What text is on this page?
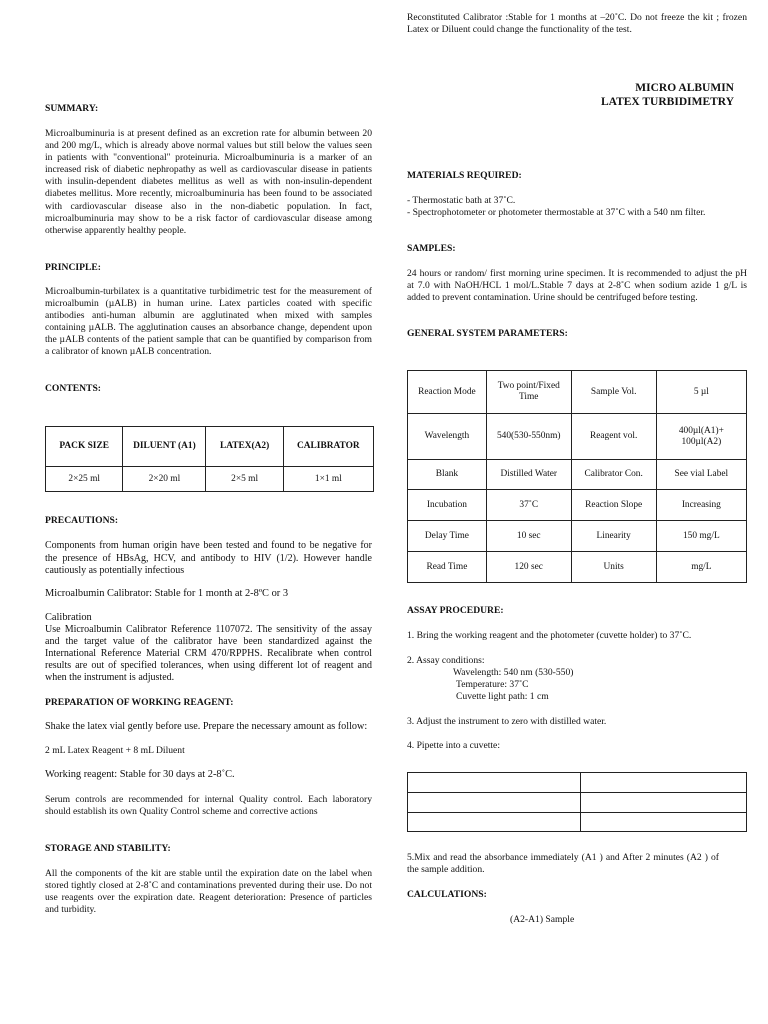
Reconstituted Calibrator :Stable for 1 months at –20˚C. Do not freeze the kit ; frozen Latex or Diluent could change the functionality of the test.

MICRO ALBUMIN
LATEX TURBIDIMETRY

SUMMARY:

Microalbuminuria is at present defined as an excretion rate for albumin between 20 and 200 mg/L, which is already above normal values but still below the values seen in patients with "conventional" proteinuria. Microalbuminuria is a marker of an increased risk of diabetic nephropathy as well as cardiovascular disease in patients with insulin-dependent diabetes mellitus as well as with non-insulin-dependent diabetes mellitus. More recently, microalbuminuria has been found to be associated with cardiovascular disease also in the non-diabetic population. In fact, microalbuminuria may show to be a risk factor of cardiovascular disease among otherwise apparently healthy people.

PRINCIPLE:

Microalbumin-turbilatex is a quantitative turbidimetric test for the measurement of microalbumin (µALB) in human urine. Latex particles coated with specific antibodies anti-human albumin are agglutinated when mixed with samples containing µALB. The agglutination causes an absorbance change, dependent upon the µALB contents of the patient sample that can be quantified by comparison from a calibrator of known µALB concentration.

CONTENTS:

PACK SIZE	DILUENT (A1)	LATEX(A2)	CALIBRATOR
2×25 ml	2×20 ml	2×5 ml	1×1 ml

PRECAUTIONS:

Components from human origin have been tested and found to be negative for the presence of HBsAg, HCV, and antibody to HIV (1/2). However handle cautiously as potentially infectious

Microalbumin Calibrator: Stable for 1 month at 2-8ºC or 3

Calibration

Use Microalbumin Calibrator Reference 1107072. The sensitivity of the assay and the target value of the calibrator have been standardized against the International Reference Material CRM 470/RPPHS. Recalibrate when control results are out of specified tolerances, when using different lot of reagent and when the instrument is adjusted.

PREPARATION OF WORKING REAGENT:

Shake the latex vial gently before use. Prepare the necessary amount as follow:

2 mL Latex Reagent + 8 mL Diluent

Working reagent: Stable for 30 days at 2-8˚C.

Serum controls are recommended for internal Quality control. Each laboratory should establish its own Quality Control scheme and corrective actions

STORAGE AND STABILITY:

All the components of the kit are stable until the expiration date on the label when stored tightly closed at 2-8˚C and contaminations prevented during their use. Do not use reagents over the expiration date. Reagent deterioration: Presence of particles and turbidity.

MATERIALS REQUIRED:

- Thermostatic bath at 37˚C.

- Spectrophotometer or photometer thermostable at 37˚C with a 540 nm filter.

SAMPLES:

24 hours or random/ first morning urine specimen. It is recommended to adjust the pH at 7.0 with NaOH/HCL 1 mol/L.Stable 7 days at 2-8˚C when sodium azide 1 g/L is added to prevent contamination. Urine should be centrifuged before testing.

GENERAL SYSTEM PARAMETERS:

Reaction Mode	Two point/Fixed Time	Sample Vol.	5 µl
Wavelength	540(530-550nm)	Reagent vol.	400µl(A1)+ 100µl(A2)
Blank	Distilled Water	Calibrator Con.	See vial Label
Incubation	37˚C	Reaction Slope	Increasing
Delay Time	10 sec	Linearity	150 mg/L
Read Time	120 sec	Units	mg/L

ASSAY PROCEDURE:

1. Bring the working reagent and the photometer (cuvette holder) to 37˚C.

2. Assay conditions:

Wavelength: 540 nm (530-550)
Temperature: 37˚C
Cuvette light path: 1 cm

3. Adjust the instrument to zero with distilled water.

4. Pipette into a cuvette:

5.Mix and read the absorbance immediately (A1 ) and After 2 minutes (A2 ) of the sample addition.

CALCULATIONS:

(A2-A1) Sample
